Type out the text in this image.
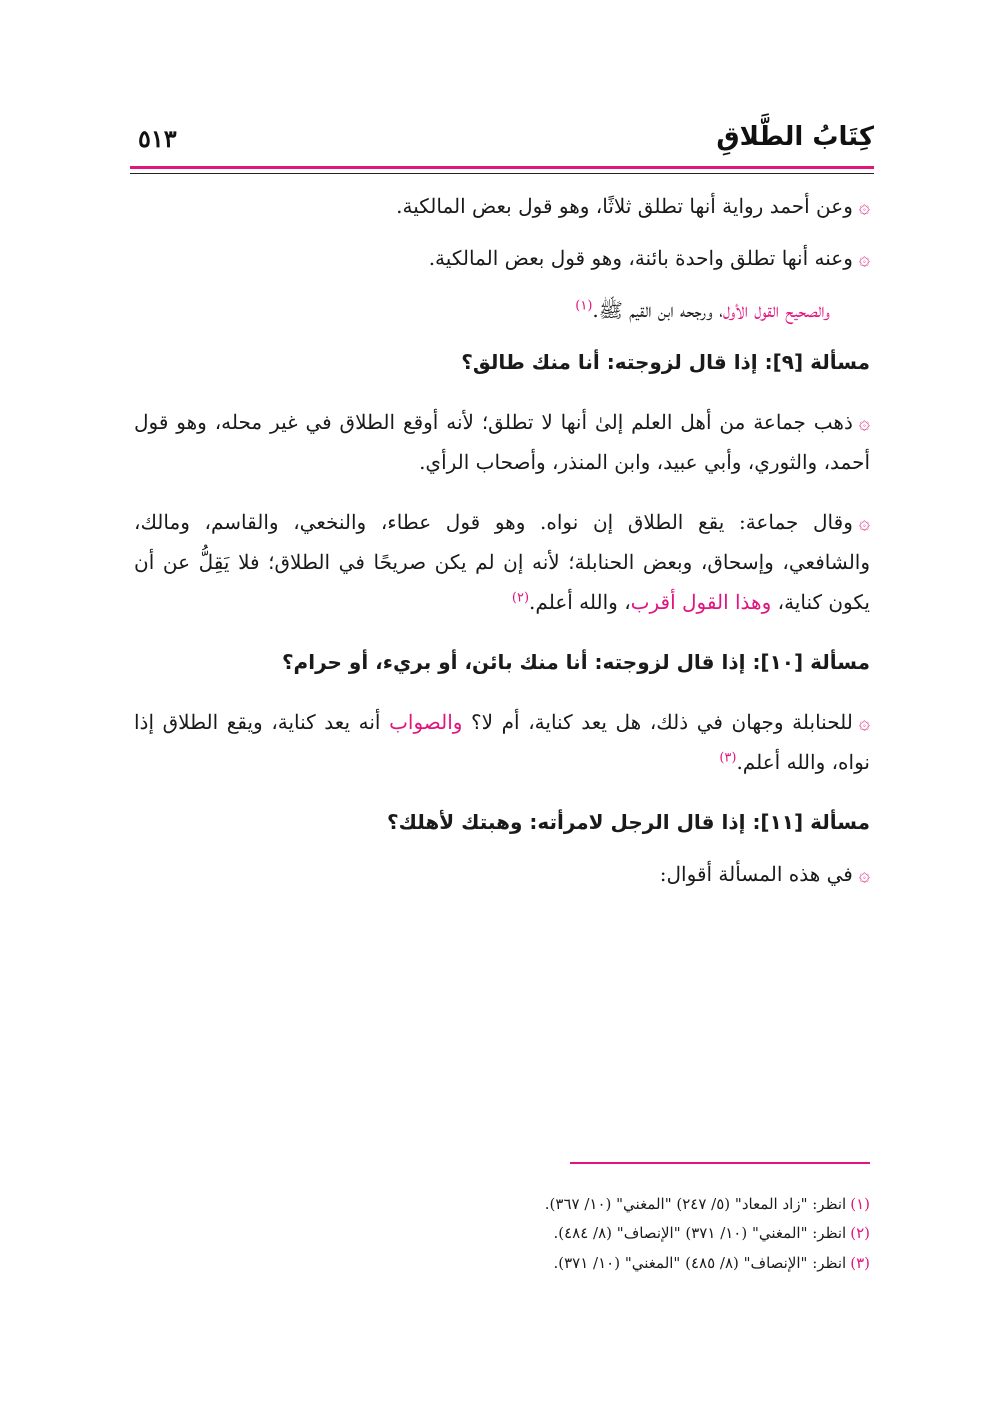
كِتَابُ الطَّلاقِ
٥١٣

۞وعن أحمد رواية أنها تطلق ثلاثًا، وهو قول بعض المالكية.

۞وعنه أنها تطلق واحدة بائنة، وهو قول بعض المالكية.

والصحيح القول الأول، ورجحه ابن القيم ﷺ.$^{(١)}$

مسألة [٩]: إذا قال لزوجته: أنا منك طالق؟

۞ذهب جماعة من أهل العلم إلىٰ أنها لا تطلق؛ لأنه أوقع الطلاق في غير محله، وهو قول أحمد، والثوري، وأبي عبيد، وابن المنذر، وأصحاب الرأي.

۞وقال جماعة: يقع الطلاق إن نواه. وهو قول عطاء، والنخعي، والقاسم، ومالك، والشافعي، وإسحاق، وبعض الحنابلة؛ لأنه إن لم يكن صريحًا في الطلاق؛ فلا يَقِلُّ عن أن يكون كناية، وهذا القول أقرب، والله أعلم.$^{(٢)}$

مسألة [١٠]: إذا قال لزوجته: أنا منك بائن، أو بريء، أو حرام؟

۞للحنابلة وجهان في ذلك، هل يعد كناية، أم لا؟ والصواب أنه يعد كناية، ويقع الطلاق إذا نواه، والله أعلم.$^{(٣)}$

مسألة [١١]: إذا قال الرجل لامرأته: وهبتك لأهلك؟

۞في هذه المسألة أقوال:

(١)انظر: "زاد المعاد" (٥/ ٢٤٧) "المغني" (١٠/ ٣٦٧).

(٢)انظر: "المغني" (١٠/ ٣٧١) "الإنصاف" (٨/ ٤٨٤).

(٣)انظر: "الإنصاف" (٨/ ٤٨٥) "المغني" (١٠/ ٣٧١).
